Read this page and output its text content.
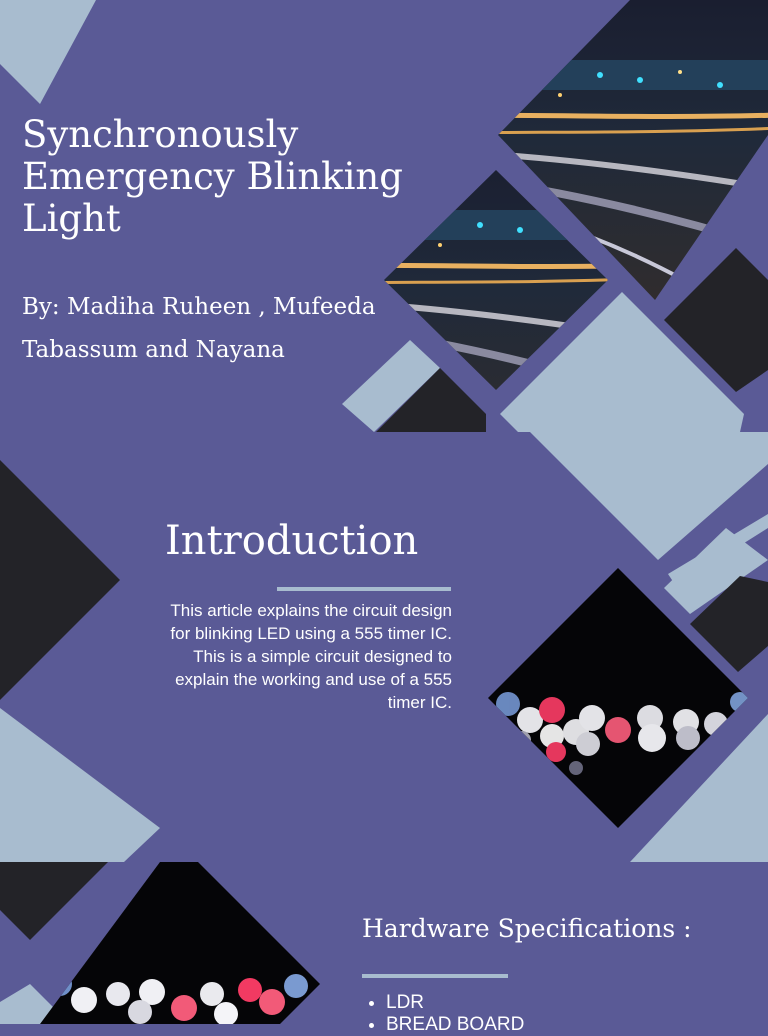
Synchronously Emergency Blinking Light

By: Madiha Ruheen , Mufeeda Tabassum and Nayana

Introduction

This article explains the circuit design for blinking LED using a 555 timer IC. This is a simple circuit designed to explain the working and use of a 555 timer IC.

Hardware Specifications :
• LDR
• BREAD BOARD
